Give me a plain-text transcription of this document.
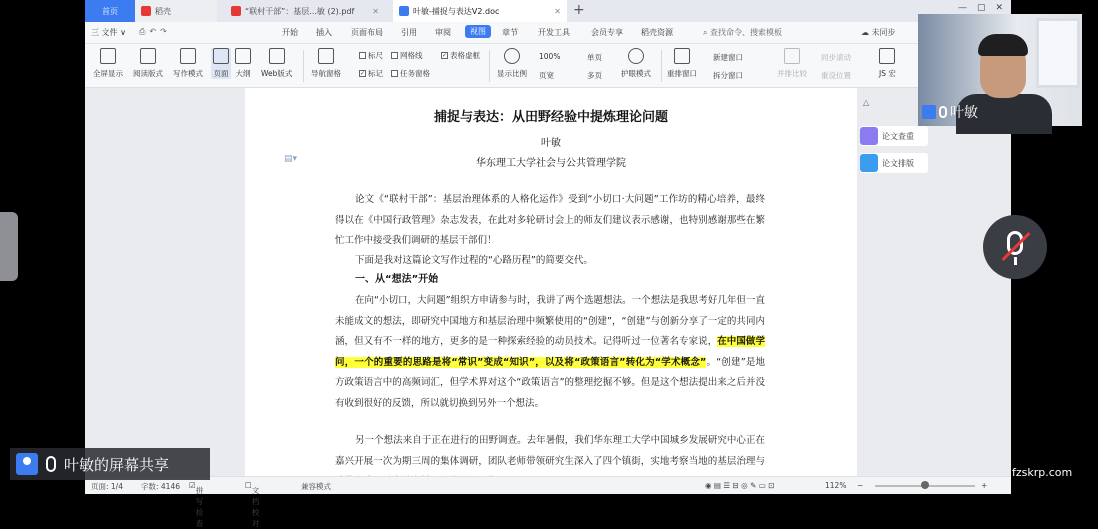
首页	稻壳	“联村干部”：基层...敏 (2).pdf ✕	叶敏-捕捉与表达V2.doc	✕ +	— ▢ ✕
三 文件 ∨ ⎙↶↷	开始 插入 页面布局 引用 审阅	视图	章节	开发工具	会员专享 稻壳资源	⌕ 查找命令、搜索模板	☁ 未同步
全屏显示 阅读版式 写作模式 页面 大纲 Web版式 导航窗格
标尺 网格线	✓ 表格虚框
✓ 标记 任务窗格	显示比例
100%
页宽
单页
多页	护眼模式 重排窗口
新建窗口
拆分窗口	并排比较
同步滚动
重设位置	JS 宏
▤▾
捕捉与表达：从田野经验中提炼理论问题
叶敏
华东理工大学社会与公共管理学院
论文《“联村干部”：基层治理体系的人格化运作》受到“小切口·大问题”工作坊的精心培养，最终得以在《中国行政管理》杂志发表，在此对多轮研讨会上的师友们建议表示感谢，也特别感谢那些在繁忙工作中接受我们调研的基层干部们！
下面是我对这篇论文写作过程的“心路历程”的简要交代。
一、从“想法”开始
在向“小切口，大问题”组织方申请参与时，我讲了两个选题想法。一个想法是我思考好几年但一直未能成文的想法，即研究中国地方和基层治理中频繁使用的“创建”，“创建”与创新分享了一定的共同内涵，但又有不一样的地方，更多的是一种探索经验的动员技术。记得听过一位著名专家说，在中国做学问，一个的重要的思路是将“常识”变成“知识”，以及将“政策语言”转化为“学术概念”。“创建”是地方政策语言中的高频词汇，但学术界对这个“政策语言”的整理挖掘不够。但是这个想法提出来之后并没有收到很好的反馈，所以就切换到另外一个想法。
另一个想法来自于正在进行的田野调查。去年暑假，我们华东理工大学中国城乡发展研究中心正在嘉兴开展一次为期三周的集体调研，团队老师带领研究生深入了四个镇街，实地考察当地的基层治理与
△
论文查重
论文排版
页面: 1/4 字数: 4146 ☑
拼写检查
☐
文档校对
兼容模式	◉ ▤ ☰ ⊟ ◎ ✎ ▭ ⊡	112% −	+
叶敏
叶敏的屏幕共享	fzskrp.com
